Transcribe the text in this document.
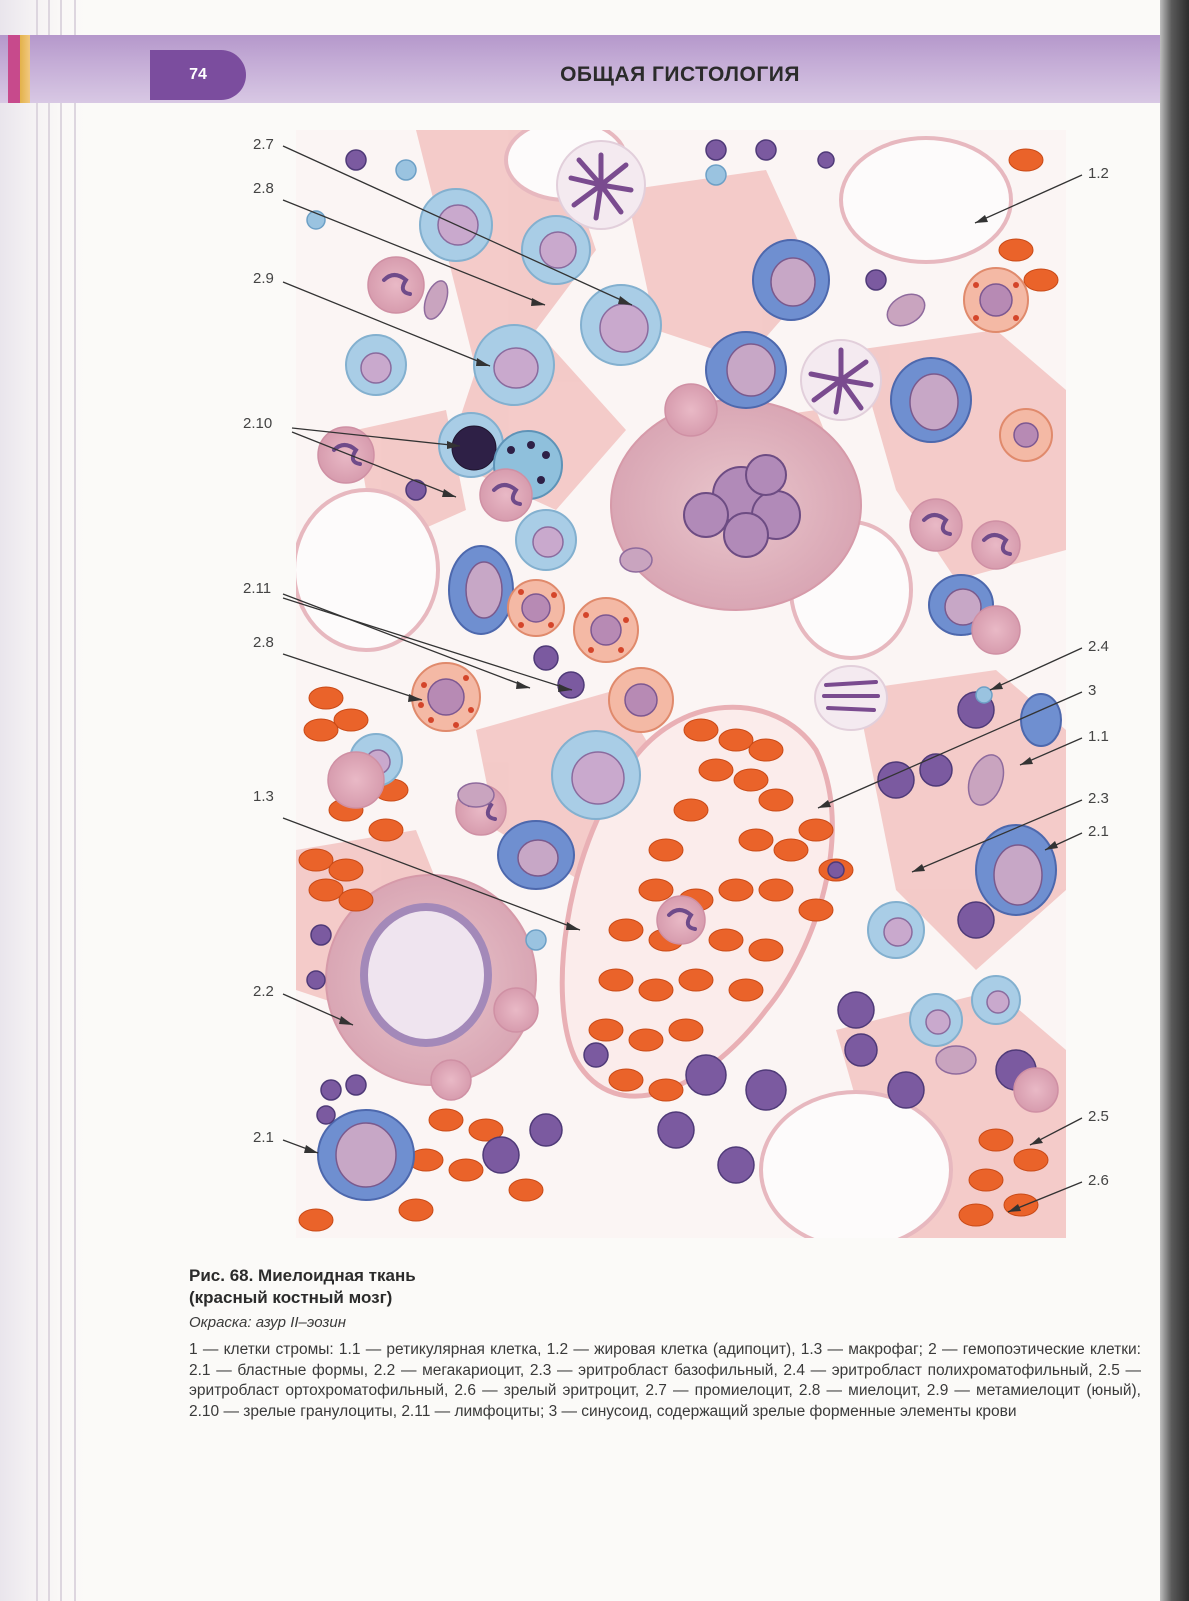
74	ОБЩАЯ ГИСТОЛОГИЯ
2.7
2.8
2.9
2.10
2.11
2.8
1.3
2.2
2.1
1.2
2.4
3
1.1
2.3
2.1
2.5
2.6
Рис. 68. Миелоидная ткань
(красный костный мозг)
Окраска: азур II–эозин
1 — клетки стромы: 1.1 — ретикулярная клетка, 1.2 — жировая клетка (адипоцит), 1.3 — макрофаг; 2 — гемопоэтические клетки: 2.1 — бластные формы, 2.2 — мегакариоцит, 2.3 — эритробласт базофильный, 2.4 — эритробласт полихроматофильный, 2.5 — эритробласт ортохроматофильный, 2.6 — зрелый эритроцит, 2.7 — промиелоцит, 2.8 — миелоцит, 2.9 — метамиелоцит (юный), 2.10 — зрелые гранулоциты, 2.11 — лимфоциты; 3 — синусоид, содержащий зрелые форменные элементы крови
